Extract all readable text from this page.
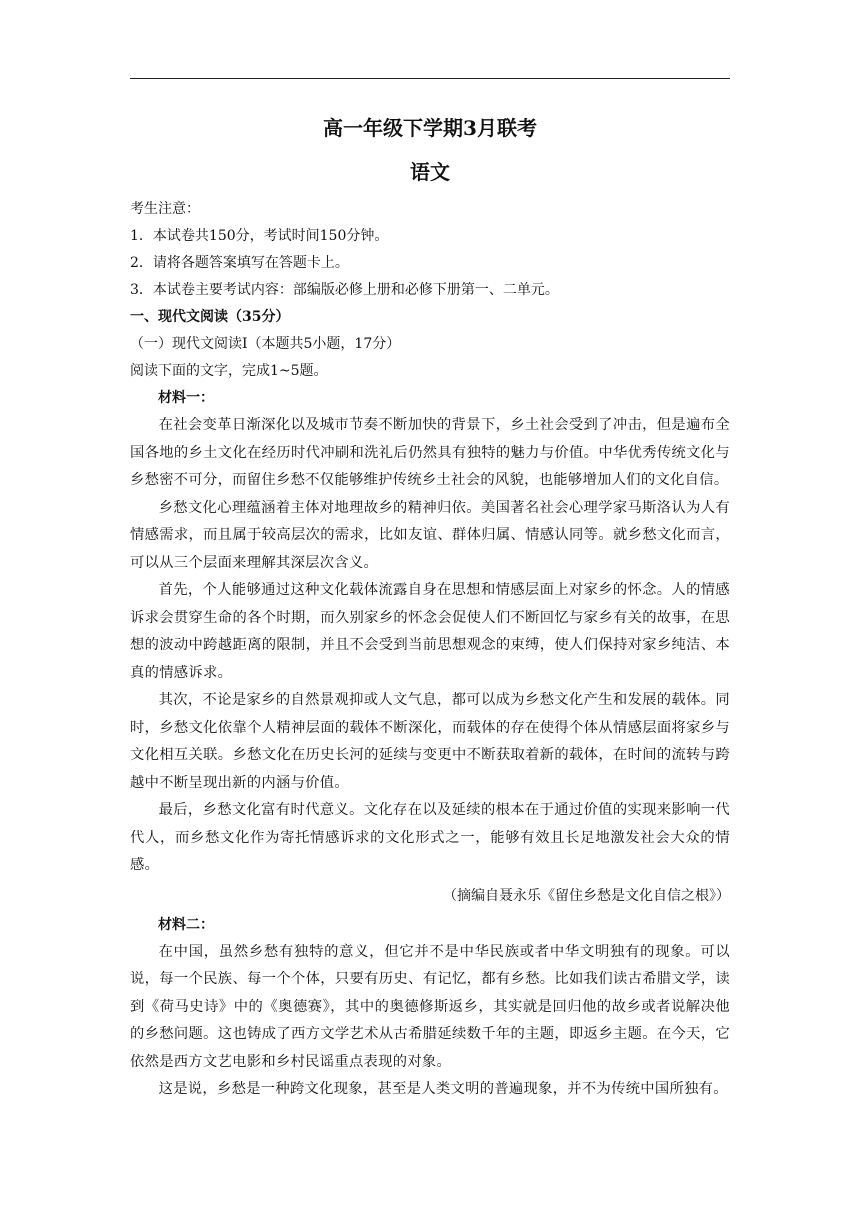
高一年级下学期3月联考
语文

考生注意：

1．本试卷共150分，考试时间150分钟。

2．请将各题答案填写在答题卡上。

3．本试卷主要考试内容：部编版必修上册和必修下册第一、二单元。

一、现代文阅读（35分）

（一）现代文阅读Ⅰ（本题共5小题，17分）

阅读下面的文字，完成1~5题。

材料一：

在社会变革日渐深化以及城市节奏不断加快的背景下，乡土社会受到了冲击，但是遍布全国各地的乡土文化在经历时代冲刷和洗礼后仍然具有独特的魅力与价值。中华优秀传统文化与乡愁密不可分，而留住乡愁不仅能够维护传统乡土社会的风貌，也能够增加人们的文化自信。

乡愁文化心理蕴涵着主体对地理故乡的精神归依。美国著名社会心理学家马斯洛认为人有情感需求，而且属于较高层次的需求，比如友谊、群体归属、情感认同等。就乡愁文化而言，可以从三个层面来理解其深层次含义。

首先，个人能够通过这种文化载体流露自身在思想和情感层面上对家乡的怀念。人的情感诉求会贯穿生命的各个时期，而久别家乡的怀念会促使人们不断回忆与家乡有关的故事，在思想的波动中跨越距离的限制，并且不会受到当前思想观念的束缚，使人们保持对家乡纯洁、本真的情感诉求。

其次，不论是家乡的自然景观抑或人文气息，都可以成为乡愁文化产生和发展的载体。同时，乡愁文化依靠个人精神层面的载体不断深化，而载体的存在使得个体从情感层面将家乡与文化相互关联。乡愁文化在历史长河的延续与变更中不断获取着新的载体，在时间的流转与跨越中不断呈现出新的内涵与价值。

最后，乡愁文化富有时代意义。文化存在以及延续的根本在于通过价值的实现来影响一代代人，而乡愁文化作为寄托情感诉求的文化形式之一，能够有效且长足地激发社会大众的情感。

（摘编自聂永乐《留住乡愁是文化自信之根》）

材料二：

在中国，虽然乡愁有独特的意义，但它并不是中华民族或者中华文明独有的现象。可以说，每一个民族、每一个个体，只要有历史、有记忆，都有乡愁。比如我们读古希腊文学，读到《荷马史诗》中的《奥德赛》，其中的奥德修斯返乡，其实就是回归他的故乡或者说解决他的乡愁问题。这也铸成了西方文学艺术从古希腊延续数千年的主题，即返乡主题。在今天，它依然是西方文艺电影和乡村民谣重点表现的对象。

这是说，乡愁是一种跨文化现象，甚至是人类文明的普遍现象，并不为传统中国所独有。
